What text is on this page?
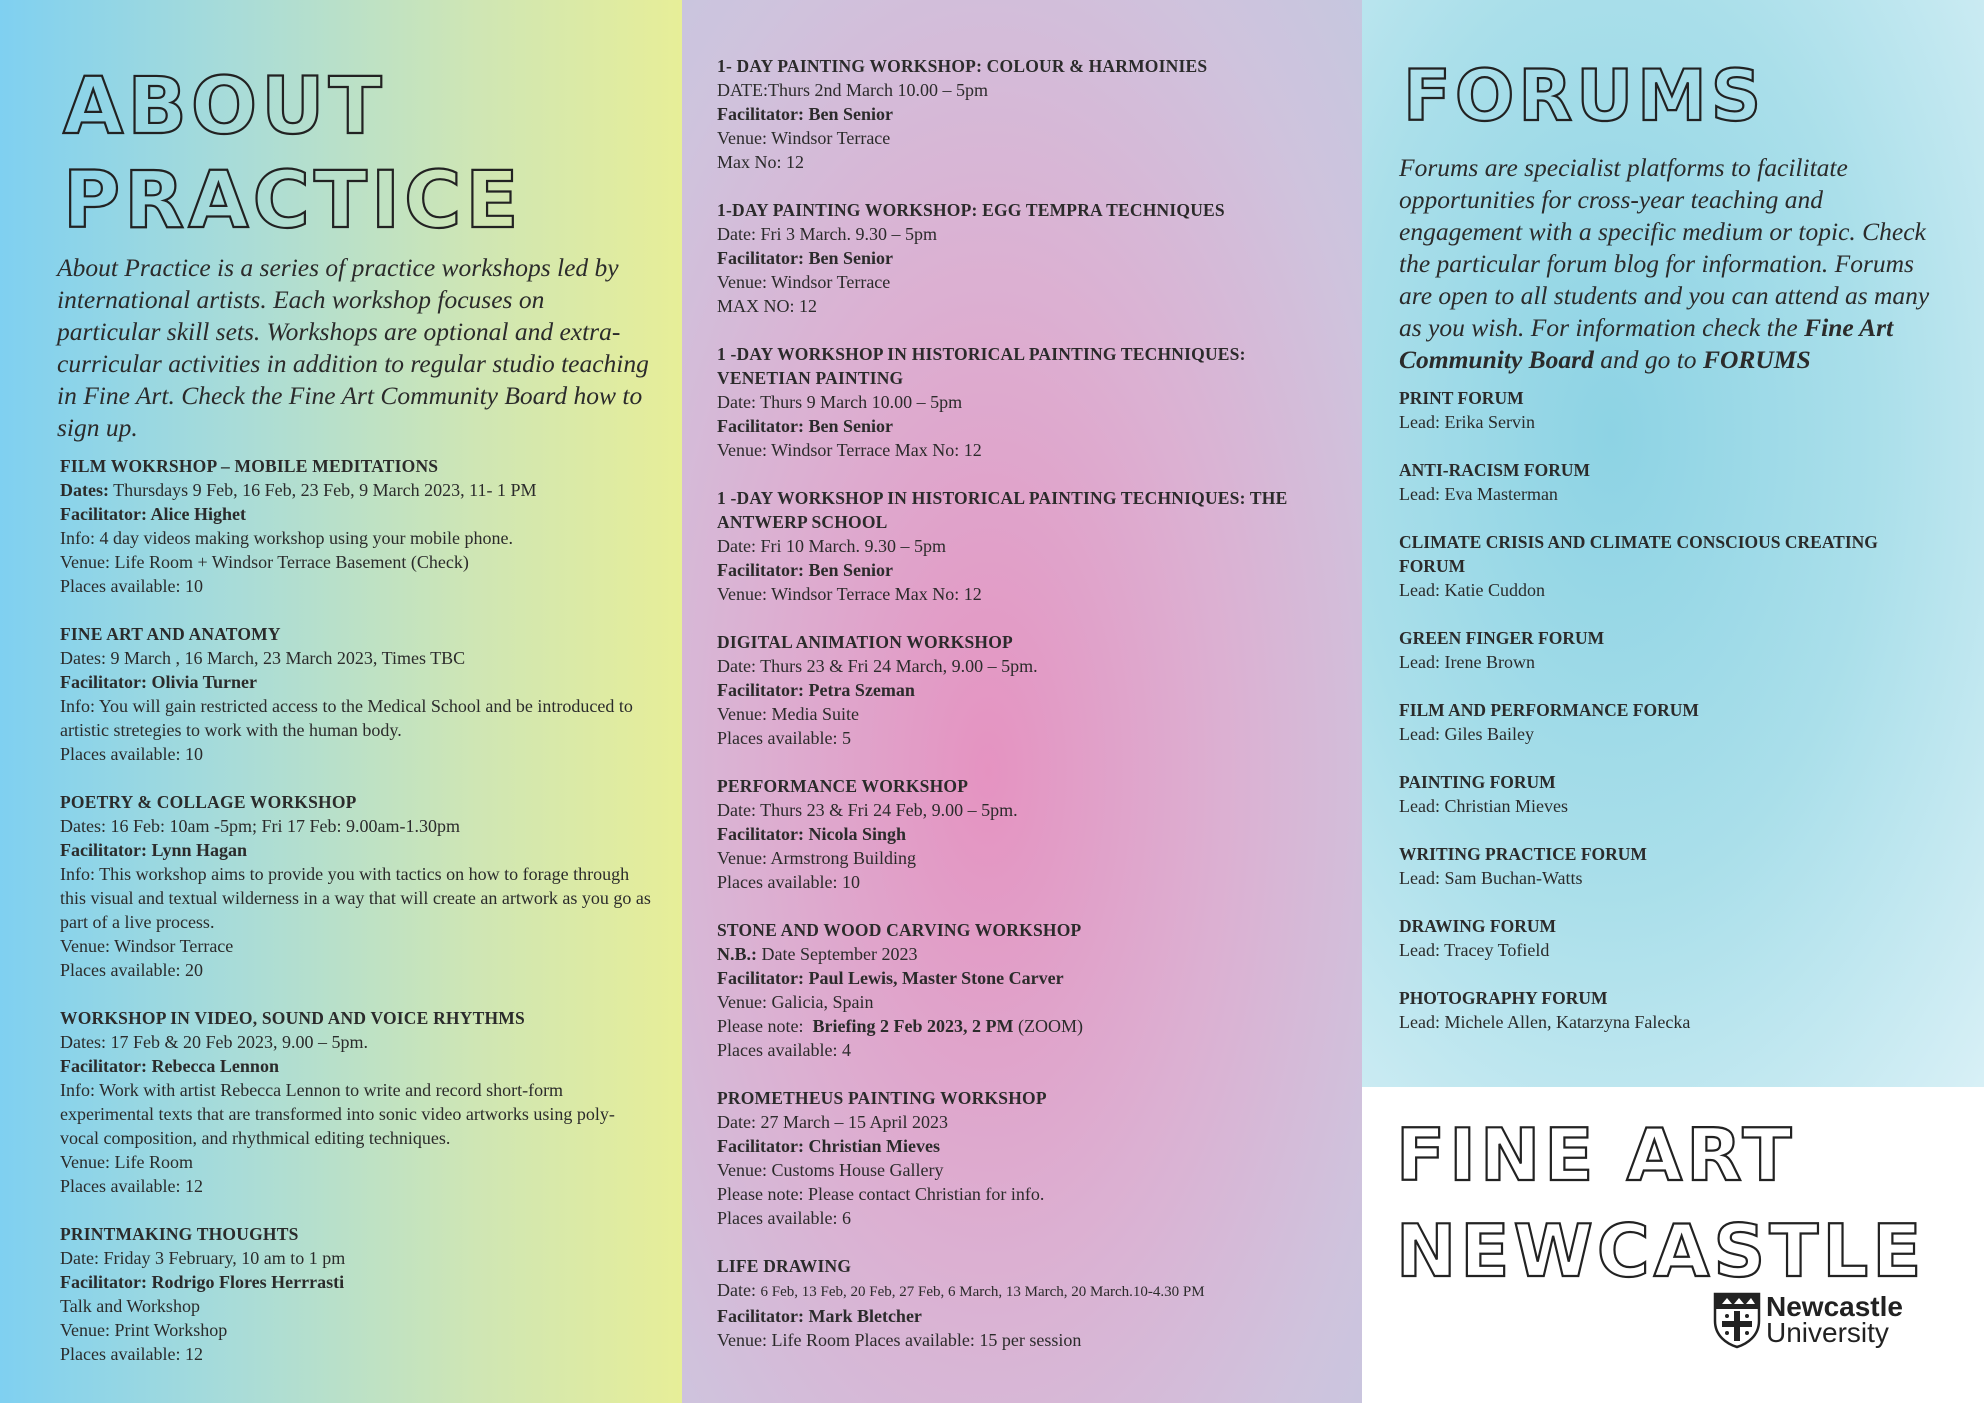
ABOUT
PRACTICE

About Practice is a series of practice workshops led by international artists. Each workshop focuses on particular skill sets. Workshops are optional and extra-curricular activities in addition to regular studio teaching in Fine Art. Check the Fine Art Community Board how to sign up.

FILM WOKRSHOP – MOBILE MEDITATIONS
Dates: Thursdays 9 Feb, 16 Feb, 23 Feb, 9 March 2023, 11- 1 PM
Facilitator: Alice Highet
Info: 4 day videos making workshop using your mobile phone.
Venue: Life Room + Windsor Terrace Basement (Check)
Places available: 10
FINE ART AND ANATOMY
Dates: 9 March , 16 March, 23 March 2023, Times TBC
Facilitator: Olivia Turner
Info: You will gain restricted access to the Medical School and be introduced to artistic stretegies to work with the human body.
Places available: 10
POETRY & COLLAGE WORKSHOP
Dates: 16 Feb: 10am -5pm; Fri 17 Feb: 9.00am-1.30pm
Facilitator: Lynn Hagan
Info: This workshop aims to provide you with tactics on how to forage through this visual and textual wilderness in a way that will create an artwork as you go as part of a live process.
Venue: Windsor Terrace
Places available: 20
WORKSHOP IN VIDEO, SOUND AND VOICE RHYTHMS
Dates: 17 Feb & 20 Feb 2023, 9.00 – 5pm.
Facilitator: Rebecca Lennon
Info: Work with artist Rebecca Lennon to write and record short-form experimental texts that are transformed into sonic video artworks using poly-vocal composition, and rhythmical editing techniques.
Venue: Life Room
Places available: 12
PRINTMAKING THOUGHTS
Date: Friday 3 February, 10 am to 1 pm
Facilitator: Rodrigo Flores Herrrasti
Talk and Workshop
Venue: Print Workshop
Places available: 12
1- DAY PAINTING WORKSHOP: COLOUR & HARMOINIES
DATE:Thurs 2nd March 10.00 – 5pm
Facilitator: Ben Senior
Venue: Windsor Terrace
Max No: 12
1-DAY PAINTING WORKSHOP: EGG TEMPRA TECHNIQUES
Date: Fri 3 March. 9.30 – 5pm
Facilitator: Ben Senior
Venue: Windsor Terrace
MAX NO: 12
1 -DAY WORKSHOP IN HISTORICAL PAINTING TECHNIQUES: VENETIAN PAINTING
Date: Thurs 9 March 10.00 – 5pm
Facilitator: Ben Senior
Venue: Windsor Terrace Max No: 12
1 -DAY WORKSHOP IN HISTORICAL PAINTING TECHNIQUES: THE ANTWERP SCHOOL
Date: Fri 10 March. 9.30 – 5pm
Facilitator: Ben Senior
Venue: Windsor Terrace Max No: 12
DIGITAL ANIMATION WORKSHOP
Date: Thurs 23 & Fri 24 March, 9.00 – 5pm.
Facilitator: Petra Szeman
Venue: Media Suite
Places available: 5
PERFORMANCE WORKSHOP
Date: Thurs 23 & Fri 24 Feb, 9.00 – 5pm.
Facilitator: Nicola Singh
Venue: Armstrong Building
Places available: 10
STONE AND WOOD CARVING WORKSHOP
N.B.: Date September 2023
Facilitator: Paul Lewis, Master Stone Carver
Venue: Galicia, Spain
Please note: Briefing 2 Feb 2023, 2 PM (ZOOM)
Places available: 4
PROMETHEUS PAINTING WORKSHOP
Date: 27 March – 15 April 2023
Facilitator: Christian Mieves
Venue: Customs House Gallery
Please note: Please contact Christian for info.
Places available: 6
LIFE DRAWING
Date: 6 Feb, 13 Feb, 20 Feb, 27 Feb, 6 March, 13 March, 20 March.10-4.30 PM
Facilitator: Mark Bletcher
Venue: Life Room Places available: 15 per session
FORUMS

Forums are specialist platforms to facilitate opportunities for cross-year teaching and engagement with a specific medium or topic. Check the particular forum blog for information. Forums are open to all students and you can attend as many as you wish. For information check the Fine Art Community Board and go to FORUMS

PRINT FORUM
Lead: Erika Servin
ANTI-RACISM FORUM
Lead: Eva Masterman
CLIMATE CRISIS AND CLIMATE CONSCIOUS CREATING FORUM
Lead: Katie Cuddon
GREEN FINGER FORUM
Lead: Irene Brown
FILM AND PERFORMANCE FORUM
Lead: Giles Bailey
PAINTING FORUM
Lead: Christian Mieves
WRITING PRACTICE FORUM
Lead: Sam Buchan-Watts
DRAWING FORUM
Lead: Tracey Tofield
PHOTOGRAPHY FORUM
Lead: Michele Allen, Katarzyna Falecka
FINE ART
NEWCASTLE
Newcastle
University
